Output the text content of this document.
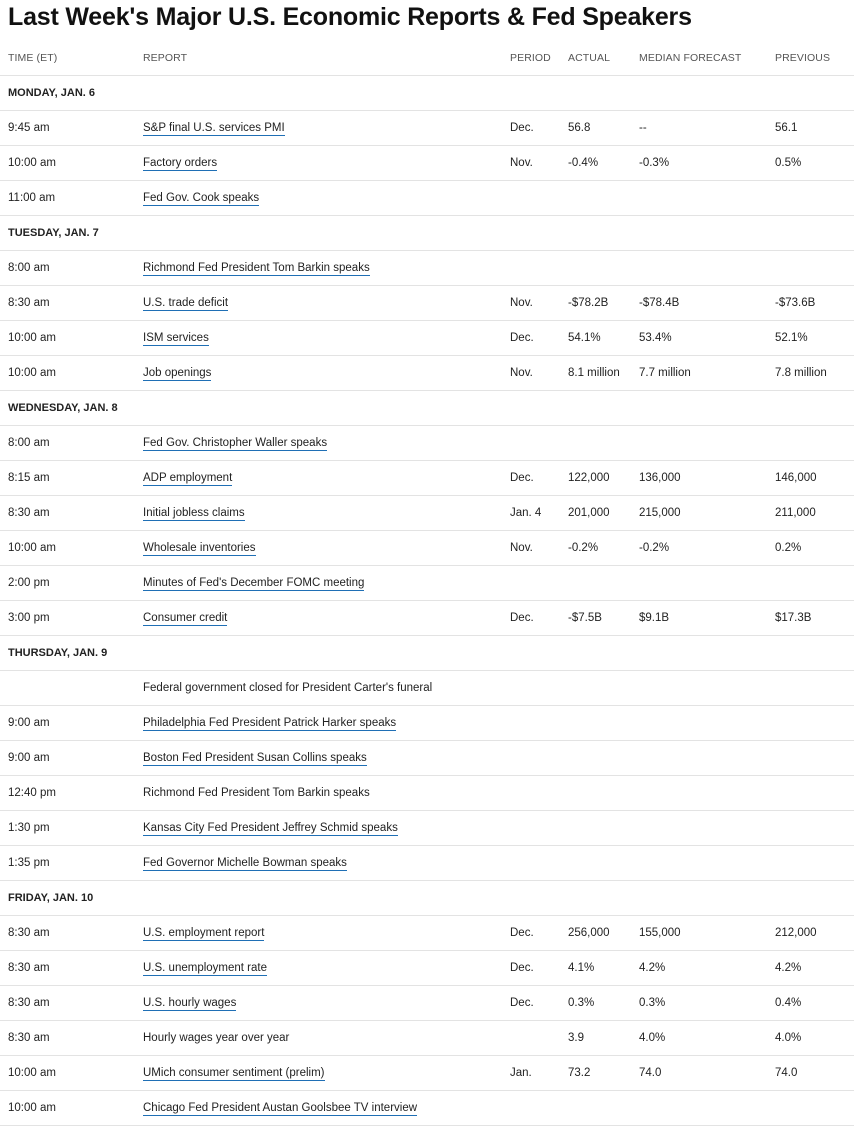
Last Week's Major U.S. Economic Reports & Fed Speakers
TIME (ET)	REPORT	PERIOD	ACTUAL	MEDIAN FORECAST	PREVIOUS
MONDAY, JAN. 6					
9:45 am	S&P final U.S. services PMI	Dec.	56.8	--	56.1
10:00 am	Factory orders	Nov.	-0.4%	-0.3%	0.5%
11:00 am	Fed Gov. Cook speaks				
TUESDAY, JAN. 7					
8:00 am	Richmond Fed President Tom Barkin speaks				
8:30 am	U.S. trade deficit	Nov.	-$78.2B	-$78.4B	-$73.6B
10:00 am	ISM services	Dec.	54.1%	53.4%	52.1%
10:00 am	Job openings	Nov.	8.1 million	7.7 million	7.8 million
WEDNESDAY, JAN. 8					
8:00 am	Fed Gov. Christopher Waller speaks				
8:15 am	ADP employment	Dec.	122,000	136,000	146,000
8:30 am	Initial jobless claims	Jan. 4	201,000	215,000	211,000
10:00 am	Wholesale inventories	Nov.	-0.2%	-0.2%	0.2%
2:00 pm	Minutes of Fed's December FOMC meeting				
3:00 pm	Consumer credit	Dec.	-$7.5B	$9.1B	$17.3B
THURSDAY, JAN. 9					
	Federal government closed for President Carter's funeral				
9:00 am	Philadelphia Fed President Patrick Harker speaks				
9:00 am	Boston Fed President Susan Collins speaks				
12:40 pm	Richmond Fed President Tom Barkin speaks				
1:30 pm	Kansas City Fed President Jeffrey Schmid speaks				
1:35 pm	Fed Governor Michelle Bowman speaks				
FRIDAY, JAN. 10					
8:30 am	U.S. employment report	Dec.	256,000	155,000	212,000
8:30 am	U.S. unemployment rate	Dec.	4.1%	4.2%	4.2%
8:30 am	U.S. hourly wages	Dec.	0.3%	0.3%	0.4%
8:30 am	Hourly wages year over year		3.9	4.0%	4.0%
10:00 am	UMich consumer sentiment (prelim)	Jan.	73.2	74.0	74.0
10:00 am	Chicago Fed President Austan Goolsbee TV interview				
